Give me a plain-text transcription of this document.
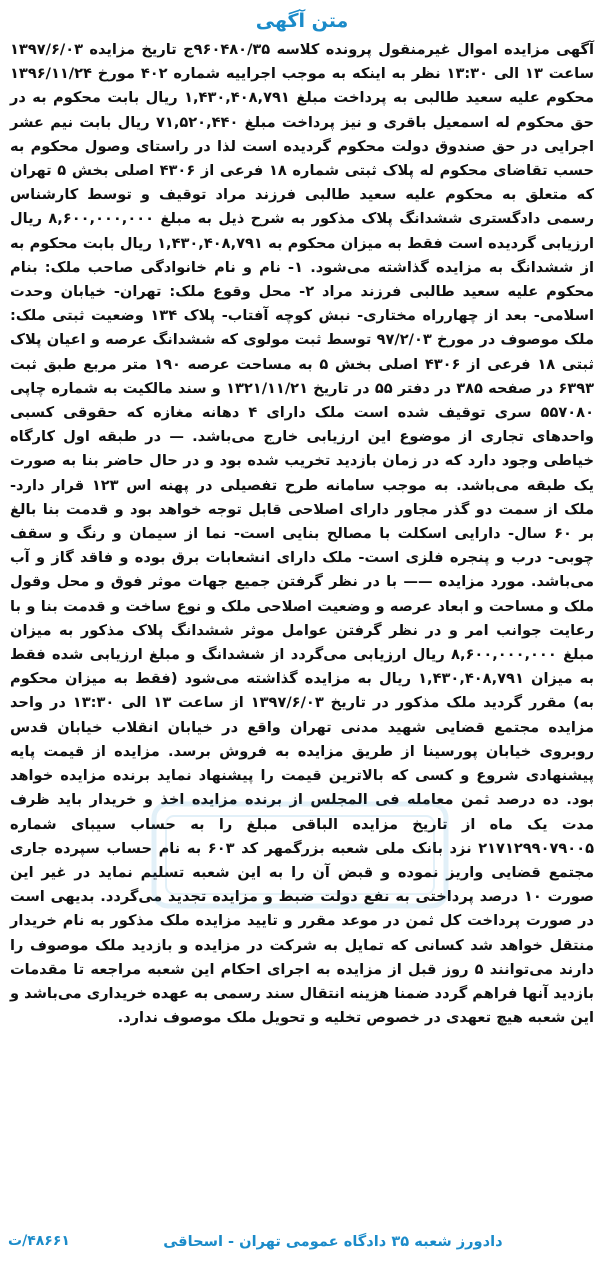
متن آگهی

آگهی مزایده اموال غیرمنقول پرونده کلاسه ۹۶۰۴۸۰/۳۵ج تاریخ مزایده ۱۳۹۷/۶/۰۳ ساعت ۱۳ الی ۱۳:۳۰ نظر به اینکه به موجب اجراییه شماره ۴۰۲ مورخ ۱۳۹۶/۱۱/۲۴ محکوم علیه سعید طالبی به پرداخت مبلغ ۱,۴۳۰,۴۰۸,۷۹۱ ریال بابت محکوم به در حق محکوم له اسمعیل باقری و نیز پرداخت مبلغ ۷۱,۵۲۰,۴۴۰ ریال بابت نیم عشر اجرایی در حق صندوق دولت محکوم گردیده است لذا در راستای وصول محکوم به حسب تقاضای محکوم له پلاک ثبتی شماره ۱۸ فرعی از ۴۳۰۶ اصلی بخش ۵ تهران که متعلق به محکوم علیه سعید طالبی فرزند مراد توقیف و توسط کارشناس رسمی دادگستری ششدانگ پلاک مذکور به شرح ذیل به مبلغ ۸,۶۰۰,۰۰۰,۰۰۰ ریال ارزیابی گردیده است فقط به میزان محکوم به ۱,۴۳۰,۴۰۸,۷۹۱ ریال بابت محکوم به از ششدانگ به مزایده گذاشته می‌شود. ۱- نام و نام خانوادگی صاحب ملک: بنام محکوم علیه سعید طالبی فرزند مراد ۲- محل وقوع ملک: تهران- خیابان وحدت اسلامی- بعد از چهارراه مختاری- نبش کوچه آفتاب- پلاک ۱۳۴ وضعیت ثبتی ملک: ملک موصوف در مورخ ۹۷/۲/۰۳ توسط ثبت مولوی که ششدانگ عرصه و اعیان پلاک ثبتی ۱۸ فرعی از ۴۳۰۶ اصلی بخش ۵ به مساحت عرصه ۱۹۰ متر مربع طبق ثبت ۶۳۹۳ در صفحه ۳۸۵ در دفتر ۵۵ در تاریخ ۱۳۲۱/۱۱/۲۱ و سند مالکیت به شماره چاپی ۵۵۷۰۸۰ سری توقیف شده است ملک دارای ۴ دهانه مغازه که حقوقی کسبی واحدهای تجاری از موضوع این ارزیابی خارج می‌باشد. — در طبقه اول کارگاه خیاطی وجود دارد که در زمان بازدید تخریب شده بود و در حال حاضر بنا به صورت یک طبقه می‌باشد. به موجب سامانه طرح تفصیلی در پهنه اس ۱۲۳ قرار دارد- ملک از سمت دو گذر مجاور دارای اصلاحی قابل توجه خواهد بود و قدمت بنا بالغ بر ۶۰ سال- دارایی اسکلت با مصالح بنایی است- نما از سیمان و رنگ و سقف چوبی- درب و پنجره فلزی است- ملک دارای انشعابات برق بوده و فاقد گاز و آب می‌باشد. مورد مزایده —— با در نظر گرفتن جمیع جهات موثر فوق و محل وقول ملک و مساحت و ابعاد عرصه و وضعیت اصلاحی ملک و نوع ساخت و قدمت بنا و با رعایت جوانب امر و در نظر گرفتن عوامل موثر ششدانگ پلاک مذکور به میزان مبلغ ۸,۶۰۰,۰۰۰,۰۰۰ ریال ارزیابی می‌گردد از ششدانگ و مبلغ ارزیابی شده فقط به میزان ۱,۴۳۰,۴۰۸,۷۹۱ ریال به مزایده گذاشته می‌شود (فقط به میزان محکوم به) مقرر گردید ملک مذکور در تاریخ ۱۳۹۷/۶/۰۳ از ساعت ۱۳ الی ۱۳:۳۰ در واحد مزایده مجتمع قضایی شهید مدنی تهران واقع در خیابان انقلاب خیابان قدس روبروی خیابان پورسینا از طریق مزایده به فروش برسد. مزایده از قیمت پایه پیشنهادی شروع و کسی که بالاترین قیمت را پیشنهاد نماید برنده مزایده خواهد بود. ده درصد ثمن معامله فی المجلس از برنده مزایده اخذ و خریدار باید ظرف مدت یک ماه از تاریخ مزایده الباقی مبلغ را به حساب سیبای شماره ۲۱۷۱۲۹۹۰۷۹۰۰۵ نزد بانک ملی شعبه بزرگمهر کد ۶۰۳ به نام حساب سپرده جاری مجتمع قضایی واریز نموده و قبض آن را به این شعبه تسلیم نماید در غیر این صورت ۱۰ درصد پرداختی به نفع دولت ضبط و مزایده تجدید می‌گردد. بدیهی است در صورت پرداخت کل ثمن در موعد مقرر و تایید مزایده ملک مذکور به نام خریدار منتقل خواهد شد کسانی که تمایل به شرکت در مزایده و بازدید ملک موصوف را دارند می‌توانند ۵ روز قبل از مزایده به اجرای احکام این شعبه مراجعه تا مقدمات بازدید آنها فراهم گردد ضمنا هزینه انتقال سند رسمی به عهده خریداری می‌باشد و این شعبه هیچ تعهدی در خصوص تخلیه و تحویل ملک موصوف ندارد.

دادورز شعبه ۳۵ دادگاه عمومی تهران - اسحاقی
۴۸۶۶۱/ت
